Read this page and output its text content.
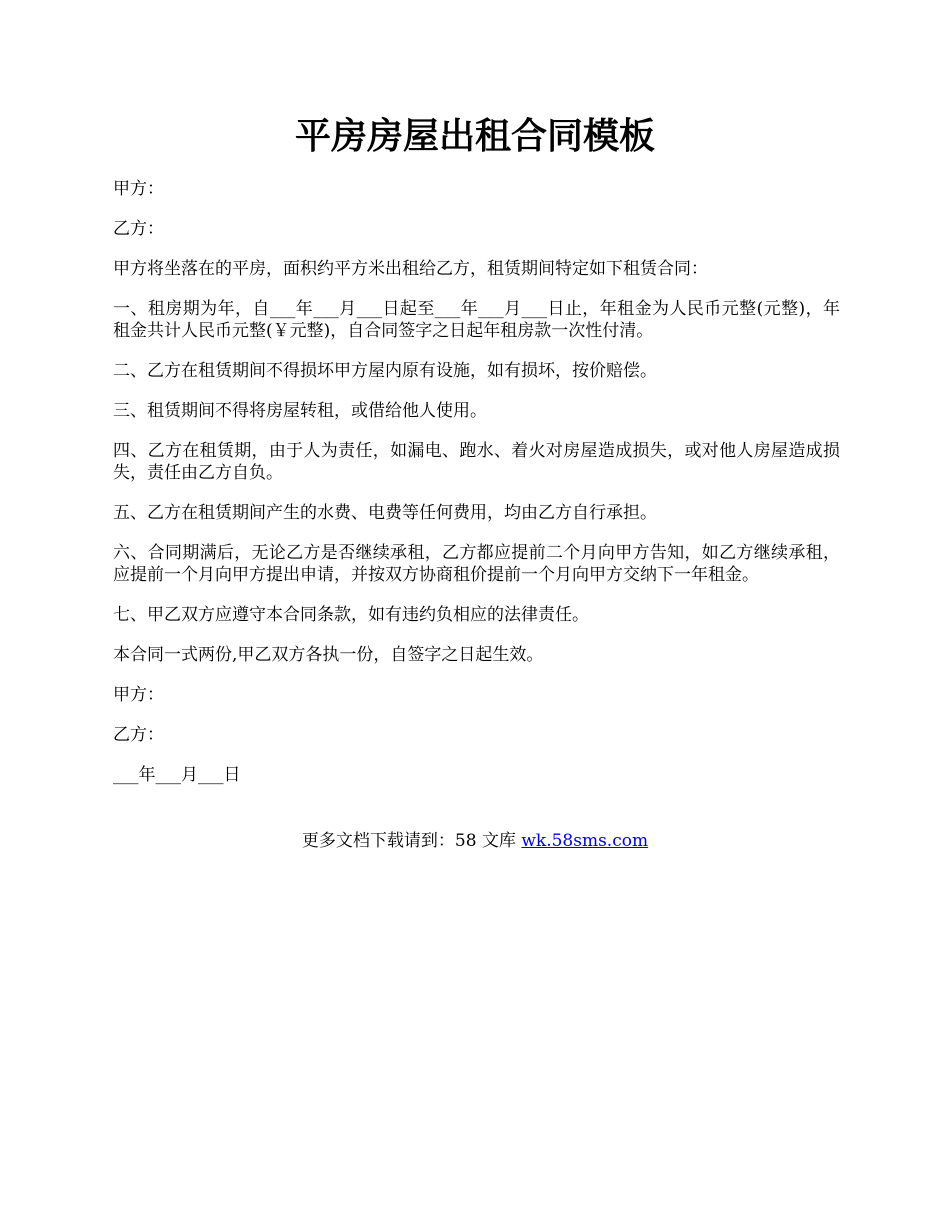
平房房屋出租合同模板

甲方：

乙方：

甲方将坐落在的平房，面积约平方米出租给乙方，租赁期间特定如下租赁合同：

一、租房期为年，自___年___月___日起至___年___月___日止，年租金为人民币元整(元整)，年租金共计人民币元整(￥元整)，自合同签字之日起年租房款一次性付清。

二、乙方在租赁期间不得损坏甲方屋内原有设施，如有损坏，按价赔偿。

三、租赁期间不得将房屋转租，或借给他人使用。

四、乙方在租赁期，由于人为责任，如漏电、跑水、着火对房屋造成损失，或对他人房屋造成损失，责任由乙方自负。

五、乙方在租赁期间产生的水费、电费等任何费用，均由乙方自行承担。

六、合同期满后，无论乙方是否继续承租，乙方都应提前二个月向甲方告知，如乙方继续承租，应提前一个月向甲方提出申请，并按双方协商租价提前一个月向甲方交纳下一年租金。

七、甲乙双方应遵守本合同条款，如有违约负相应的法律责任。

本合同一式两份,甲乙双方各执一份，自签字之日起生效。

甲方：

乙方：

___年___月___日

更多文档下载请到：58 文库 wk.58sms.com
